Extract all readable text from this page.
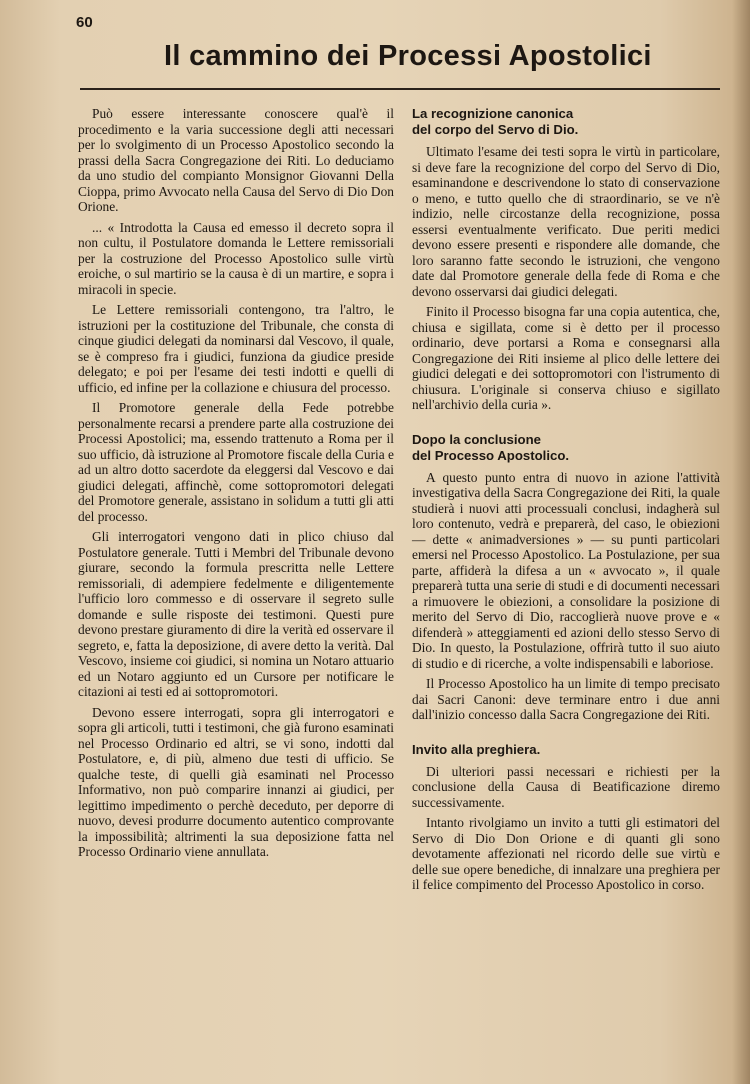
60
Il cammino dei Processi Apostolici

Può essere interessante conoscere qual'è il procedimento e la varia successione degli atti necessari per lo svolgimento di un Processo Apostolico secondo la prassi della Sacra Congregazione dei Riti. Lo deduciamo da uno studio del compianto Monsignor Giovanni Della Cioppa, primo Avvocato nella Causa del Servo di Dio Don Orione.

... « Introdotta la Causa ed emesso il decreto sopra il non cultu, il Postulatore domanda le Lettere remissoriali per la costruzione del Processo Apostolico sulle virtù eroiche, o sul martirio se la causa è di un martire, e sopra i miracoli in specie.

Le Lettere remissoriali contengono, tra l'altro, le istruzioni per la costituzione del Tribunale, che consta di cinque giudici delegati da nominarsi dal Vescovo, il quale, se è compreso fra i giudici, funziona da giudice preside delegato; e poi per l'esame dei testi indotti e quelli di ufficio, ed infine per la collazione e chiusura del processo.

Il Promotore generale della Fede potrebbe personalmente recarsi a prendere parte alla costruzione dei Processi Apostolici; ma, essendo trattenuto a Roma per il suo ufficio, dà istruzione al Promotore fiscale della Curia e ad un altro dotto sacerdote da eleggersi dal Vescovo e dai giudici delegati, affinchè, come sottopromotori delegati del Promotore generale, assistano in solidum a tutti gli atti del processo.

Gli interrogatori vengono dati in plico chiuso dal Postulatore generale. Tutti i Membri del Tribunale devono giurare, secondo la formula prescritta nelle Lettere remissoriali, di adempiere fedelmente e diligentemente l'ufficio loro commesso e di osservare il segreto sulle domande e sulle risposte dei testimoni. Questi pure devono prestare giuramento di dire la verità ed osservare il segreto, e, fatta la deposizione, di avere detto la verità. Dal Vescovo, insieme coi giudici, si nomina un Notaro attuario ed un Notaro aggiunto ed un Cursore per notificare le citazioni ai testi ed ai sottopromotori.

Devono essere interrogati, sopra gli interrogatori e sopra gli articoli, tutti i testimoni, che già furono esaminati nel Processo Ordinario ed altri, se vi sono, indotti dal Postulatore, e, di più, almeno due testi di ufficio. Se qualche teste, di quelli già esaminati nel Processo Informativo, non può comparire innanzi ai giudici, per legittimo impedimento o perchè deceduto, per deporre di nuovo, devesi produrre documento autentico comprovante la impossibilità; altrimenti la sua deposizione fatta nel Processo Ordinario viene annullata.

La recognizione canonica
del corpo del Servo di Dio.

Ultimato l'esame dei testi sopra le virtù in particolare, si deve fare la recognizione del corpo del Servo di Dio, esaminandone e descrivendone lo stato di conservazione o meno, e tutto quello che di straordinario, se ve n'è indizio, nelle circostanze della recognizione, possa essersi eventualmente verificato. Due periti medici devono essere presenti e rispondere alle domande, che loro saranno fatte secondo le istruzioni, che vengono date dal Promotore generale della fede di Roma e che devono osservarsi dai giudici delegati.

Finito il Processo bisogna far una copia autentica, che, chiusa e sigillata, come si è detto per il processo ordinario, deve portarsi a Roma e consegnarsi alla Congregazione dei Riti insieme al plico delle lettere dei giudici delegati e dei sottopromotori con l'istrumento di chiusura. L'originale si conserva chiuso e sigillato nell'archivio della curia ».

Dopo la conclusione
del Processo Apostolico.

A questo punto entra di nuovo in azione l'attività investigativa della Sacra Congregazione dei Riti, la quale studierà i nuovi atti processuali conclusi, indagherà sul loro contenuto, vedrà e preparerà, del caso, le obiezioni — dette « animadversiones » — su punti particolari emersi nel Processo Apostolico. La Postulazione, per sua parte, affiderà la difesa a un « avvocato », il quale preparerà tutta una serie di studi e di documenti necessari a rimuovere le obiezioni, a consolidare la posizione di merito del Servo di Dio, raccoglierà nuove prove e « difenderà » atteggiamenti ed azioni dello stesso Servo di Dio. In questo, la Postulazione, offrirà tutto il suo aiuto di studio e di ricerche, a volte indispensabili e laboriose.

Il Processo Apostolico ha un limite di tempo precisato dai Sacri Canoni: deve terminare entro i due anni dall'inizio concesso dalla Sacra Congregazione dei Riti.

Invito alla preghiera.

Di ulteriori passi necessari e richiesti per la conclusione della Causa di Beatificazione diremo successivamente.

Intanto rivolgiamo un invito a tutti gli estimatori del Servo di Dio Don Orione e di quanti gli sono devotamente affezionati nel ricordo delle sue virtù e delle sue opere benediche, di innalzare una preghiera per il felice compimento del Processo Apostolico in corso.
